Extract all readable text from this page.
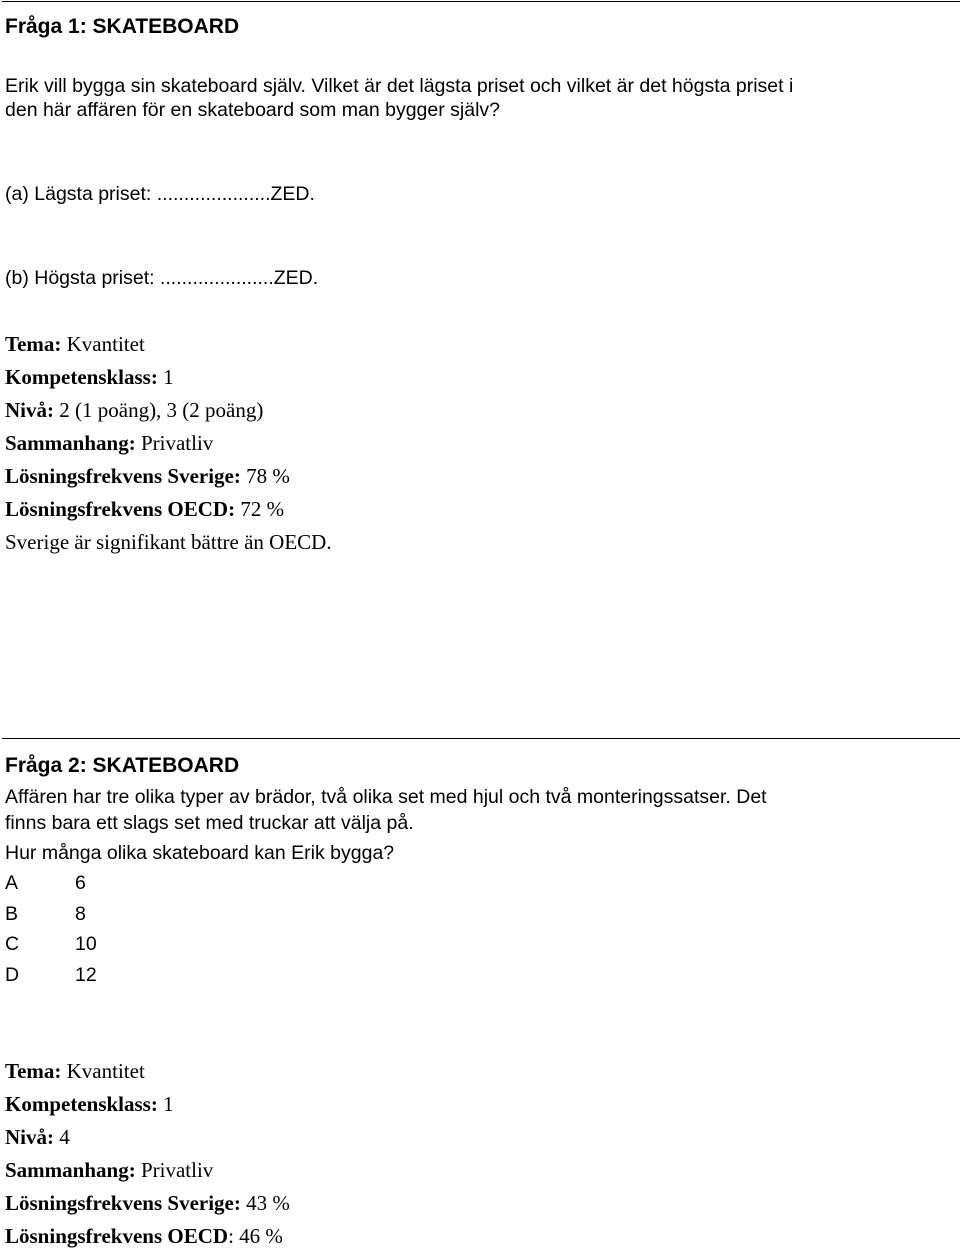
Fråga 1: SKATEBOARD
Erik vill bygga sin skateboard själv. Vilket är det lägsta priset och vilket är det högsta priset i
den här affären för en skateboard som man bygger själv?
(a) Lägsta priset: .....................ZED.
(b) Högsta priset: .....................ZED.
Tema: Kvantitet
Kompetensklass: 1
Nivå: 2 (1 poäng), 3 (2 poäng)
Sammanhang: Privatliv
Lösningsfrekvens Sverige: 78 %
Lösningsfrekvens OECD: 72 %
Sverige är signifikant bättre än OECD.
Fråga 2: SKATEBOARD
Affären har tre olika typer av brädor, två olika set med hjul och två monteringssatser. Det
finns bara ett slags set med truckar att välja på.
Hur många olika skateboard kan Erik bygga?
A	6
B	8
C	10
D	12
Tema: Kvantitet
Kompetensklass: 1
Nivå: 4
Sammanhang: Privatliv
Lösningsfrekvens Sverige: 43 %
Lösningsfrekvens OECD: 46 %
